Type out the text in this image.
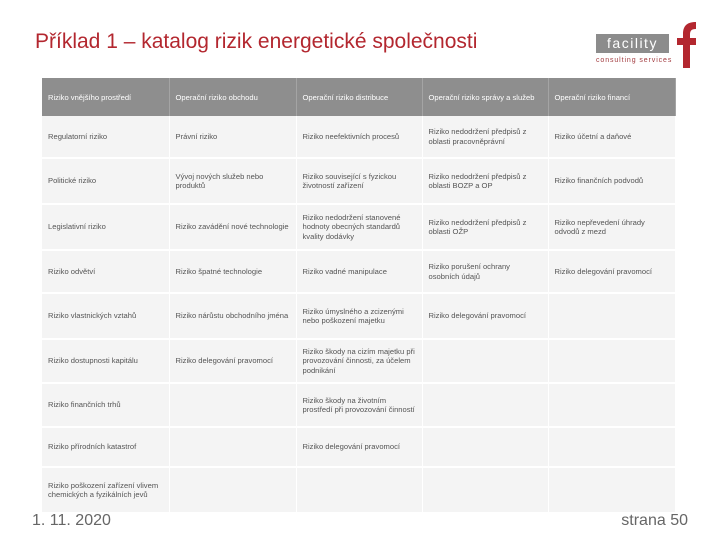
Příklad 1 – katalog rizik energetické společnosti	facility
consulting services
Riziko vnějšího prostředí	Operační riziko obchodu	Operační riziko distribuce	Operační riziko správy a služeb	Operační riziko financí
Regulatorní riziko	Právní riziko	Riziko neefektivních procesů	Riziko nedodržení předpisů z oblasti pracovněprávní	Riziko účetní a daňové
Politické riziko	Vývoj nových služeb nebo produktů	Riziko související s fyzickou životností zařízení	Riziko nedodržení předpisů z oblasti BOZP a OP	Riziko finančních podvodů
Legislativní riziko	Riziko zavádění nové technologie	Riziko nedodržení stanovené hodnoty obecných standardů kvality dodávky	Riziko nedodržení předpisů z oblasti OŽP	Riziko nepřevedení úhrady odvodů z mezd
Riziko odvětví	Riziko špatné technologie	Riziko vadné manipulace	Riziko porušení ochrany osobních údajů	Riziko delegování pravomocí
Riziko vlastnických vztahů	Riziko nárůstu obchodního jména	Riziko úmyslného a zcizenými nebo poškození majetku	Riziko delegování pravomocí	
Riziko dostupnosti kapitálu	Riziko delegování pravomocí	Riziko škody na cizím majetku při provozování činnosti, za účelem podnikání		
Riziko finančních trhů		Riziko škody na životním prostředí při provozování činností		
Riziko přírodních katastrof		Riziko delegování pravomocí		
Riziko poškození zařízení vlivem chemických a fyzikálních jevů				
1. 11. 2020	strana 50
